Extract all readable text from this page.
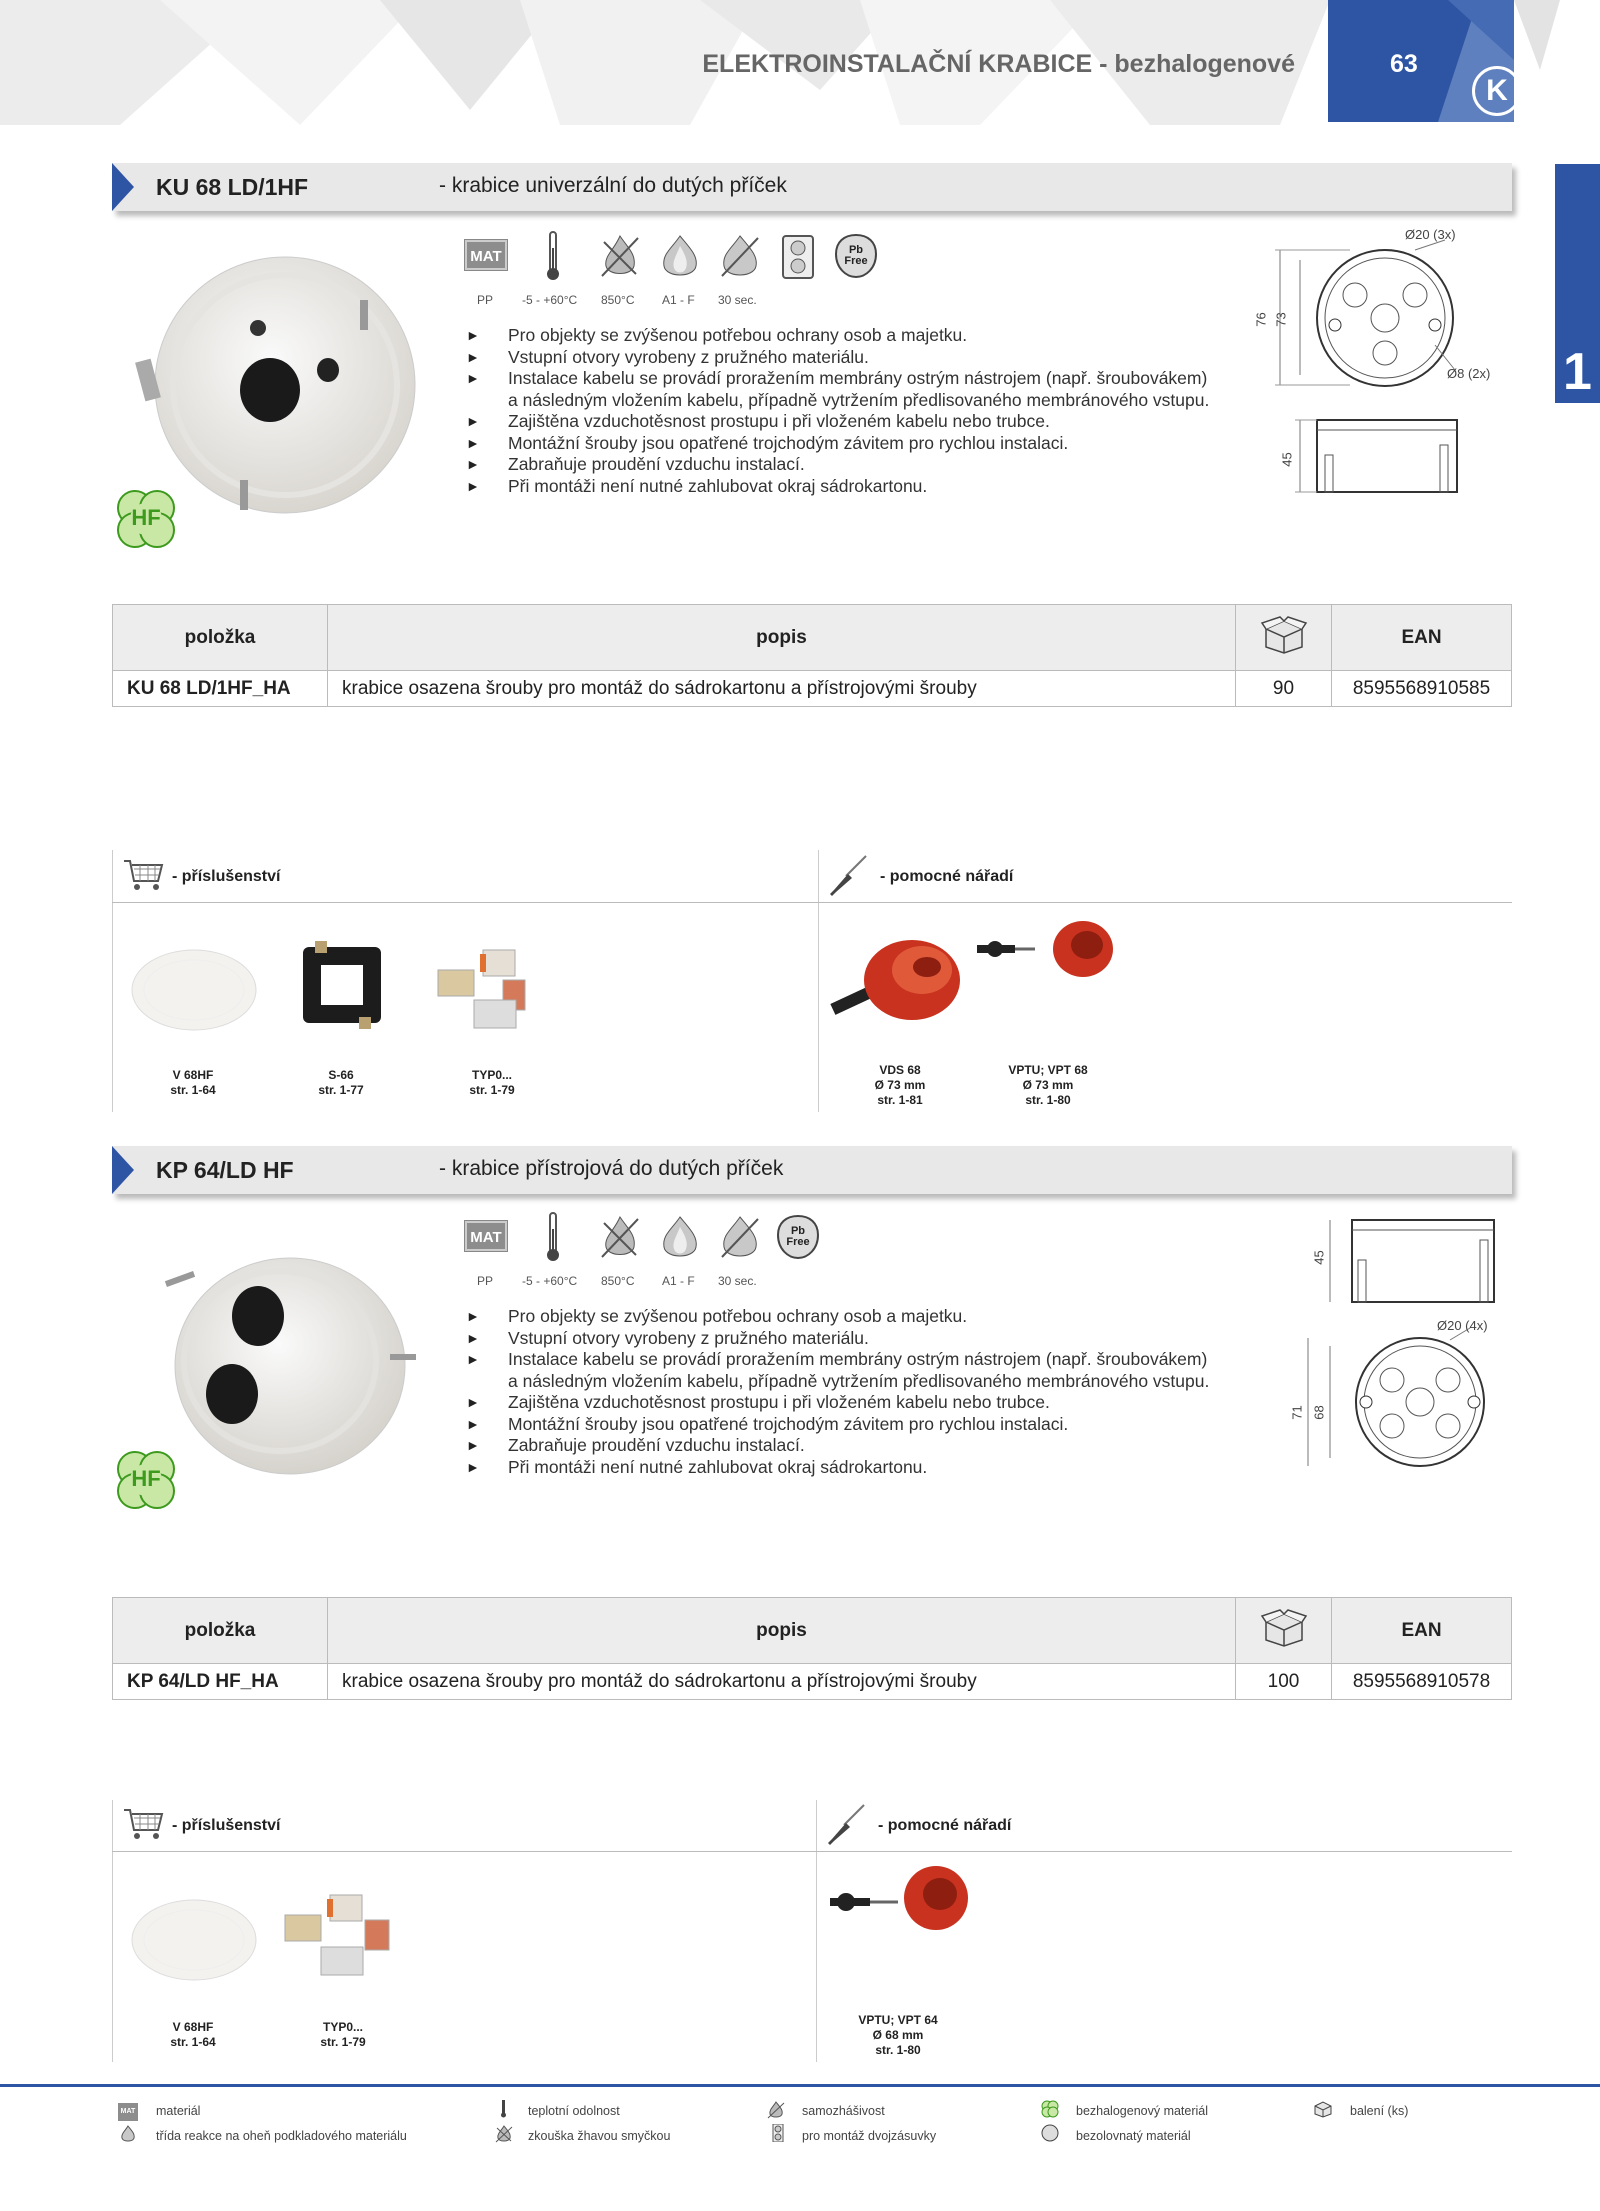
63
K
ELEKTROINSTALAČNÍ KRABICE - bezhalogenové
1
KU 68 LD/1HF	- krabice univerzální do dutých příček
HF
MAT	Pb
Free
PP -5 - +60°C 850°C A1 - F 30 sec.
► Pro objekty se zvýšenou potřebou ochrany osob a majetku.
► Vstupní otvory vyrobeny z pružného materiálu.
► Instalace kabelu se provádí proražením membrány ostrým nástrojem (např. šroubovákem)
a následným vložením kabelu, případně vytržením předlisovaného membránového vstupu.
► Zajištěna vzduchotěsnost prostupu i při vloženém kabelu nebo trubce.
► Montážní šrouby jsou opatřené trojchodým závitem pro rychlou instalaci.
► Zabraňuje proudění vzduchu instalací.
► Při montáži není nutné zahlubovat okraj sádrokartonu.
Ø20 (3x)
Ø8 (2x)
76 73
45
položka	popis		EAN
KU 68 LD/1HF_HA	krabice osazena šrouby pro montáž do sádrokartonu a přístrojovými šrouby	90	8595568910585
- příslušenství
V 68HF
str. 1-64
S-66
str. 1-77
TYP0...
str. 1-79
- pomocné nářadí
VDS 68
Ø 73 mm
str. 1-81
VPTU; VPT 68
Ø 73 mm
str. 1-80
KP 64/LD HF	- krabice přístrojová do dutých příček
HF
MAT	Pb
Free
PP -5 - +60°C 850°C A1 - F 30 sec.
► Pro objekty se zvýšenou potřebou ochrany osob a majetku.
► Vstupní otvory vyrobeny z pružného materiálu.
► Instalace kabelu se provádí proražením membrány ostrým nástrojem (např. šroubovákem)
a následným vložením kabelu, případně vytržením předlisovaného membránového vstupu.
► Zajištěna vzduchotěsnost prostupu i při vloženém kabelu nebo trubce.
► Montážní šrouby jsou opatřené trojchodým závitem pro rychlou instalaci.
► Zabraňuje proudění vzduchu instalací.
► Při montáži není nutné zahlubovat okraj sádrokartonu.
Ø20 (4x)
45
71 68
položka	popis		EAN
KP 64/LD HF_HA	krabice osazena šrouby pro montáž do sádrokartonu a přístrojovými šrouby	100	8595568910578
- příslušenství
V 68HF
str. 1-64
TYP0...
str. 1-79
- pomocné nářadí
VPTU; VPT 64
Ø 68 mm
str. 1-80
MAT materiál	teplotní odolnost	samozhášivost	bezhalogenový materiál	balení (ks)
třída reakce na oheň podkladového materiálu	zkouška žhavou smyčkou	pro montáž dvojzásuvky	bezolovnatý materiál
